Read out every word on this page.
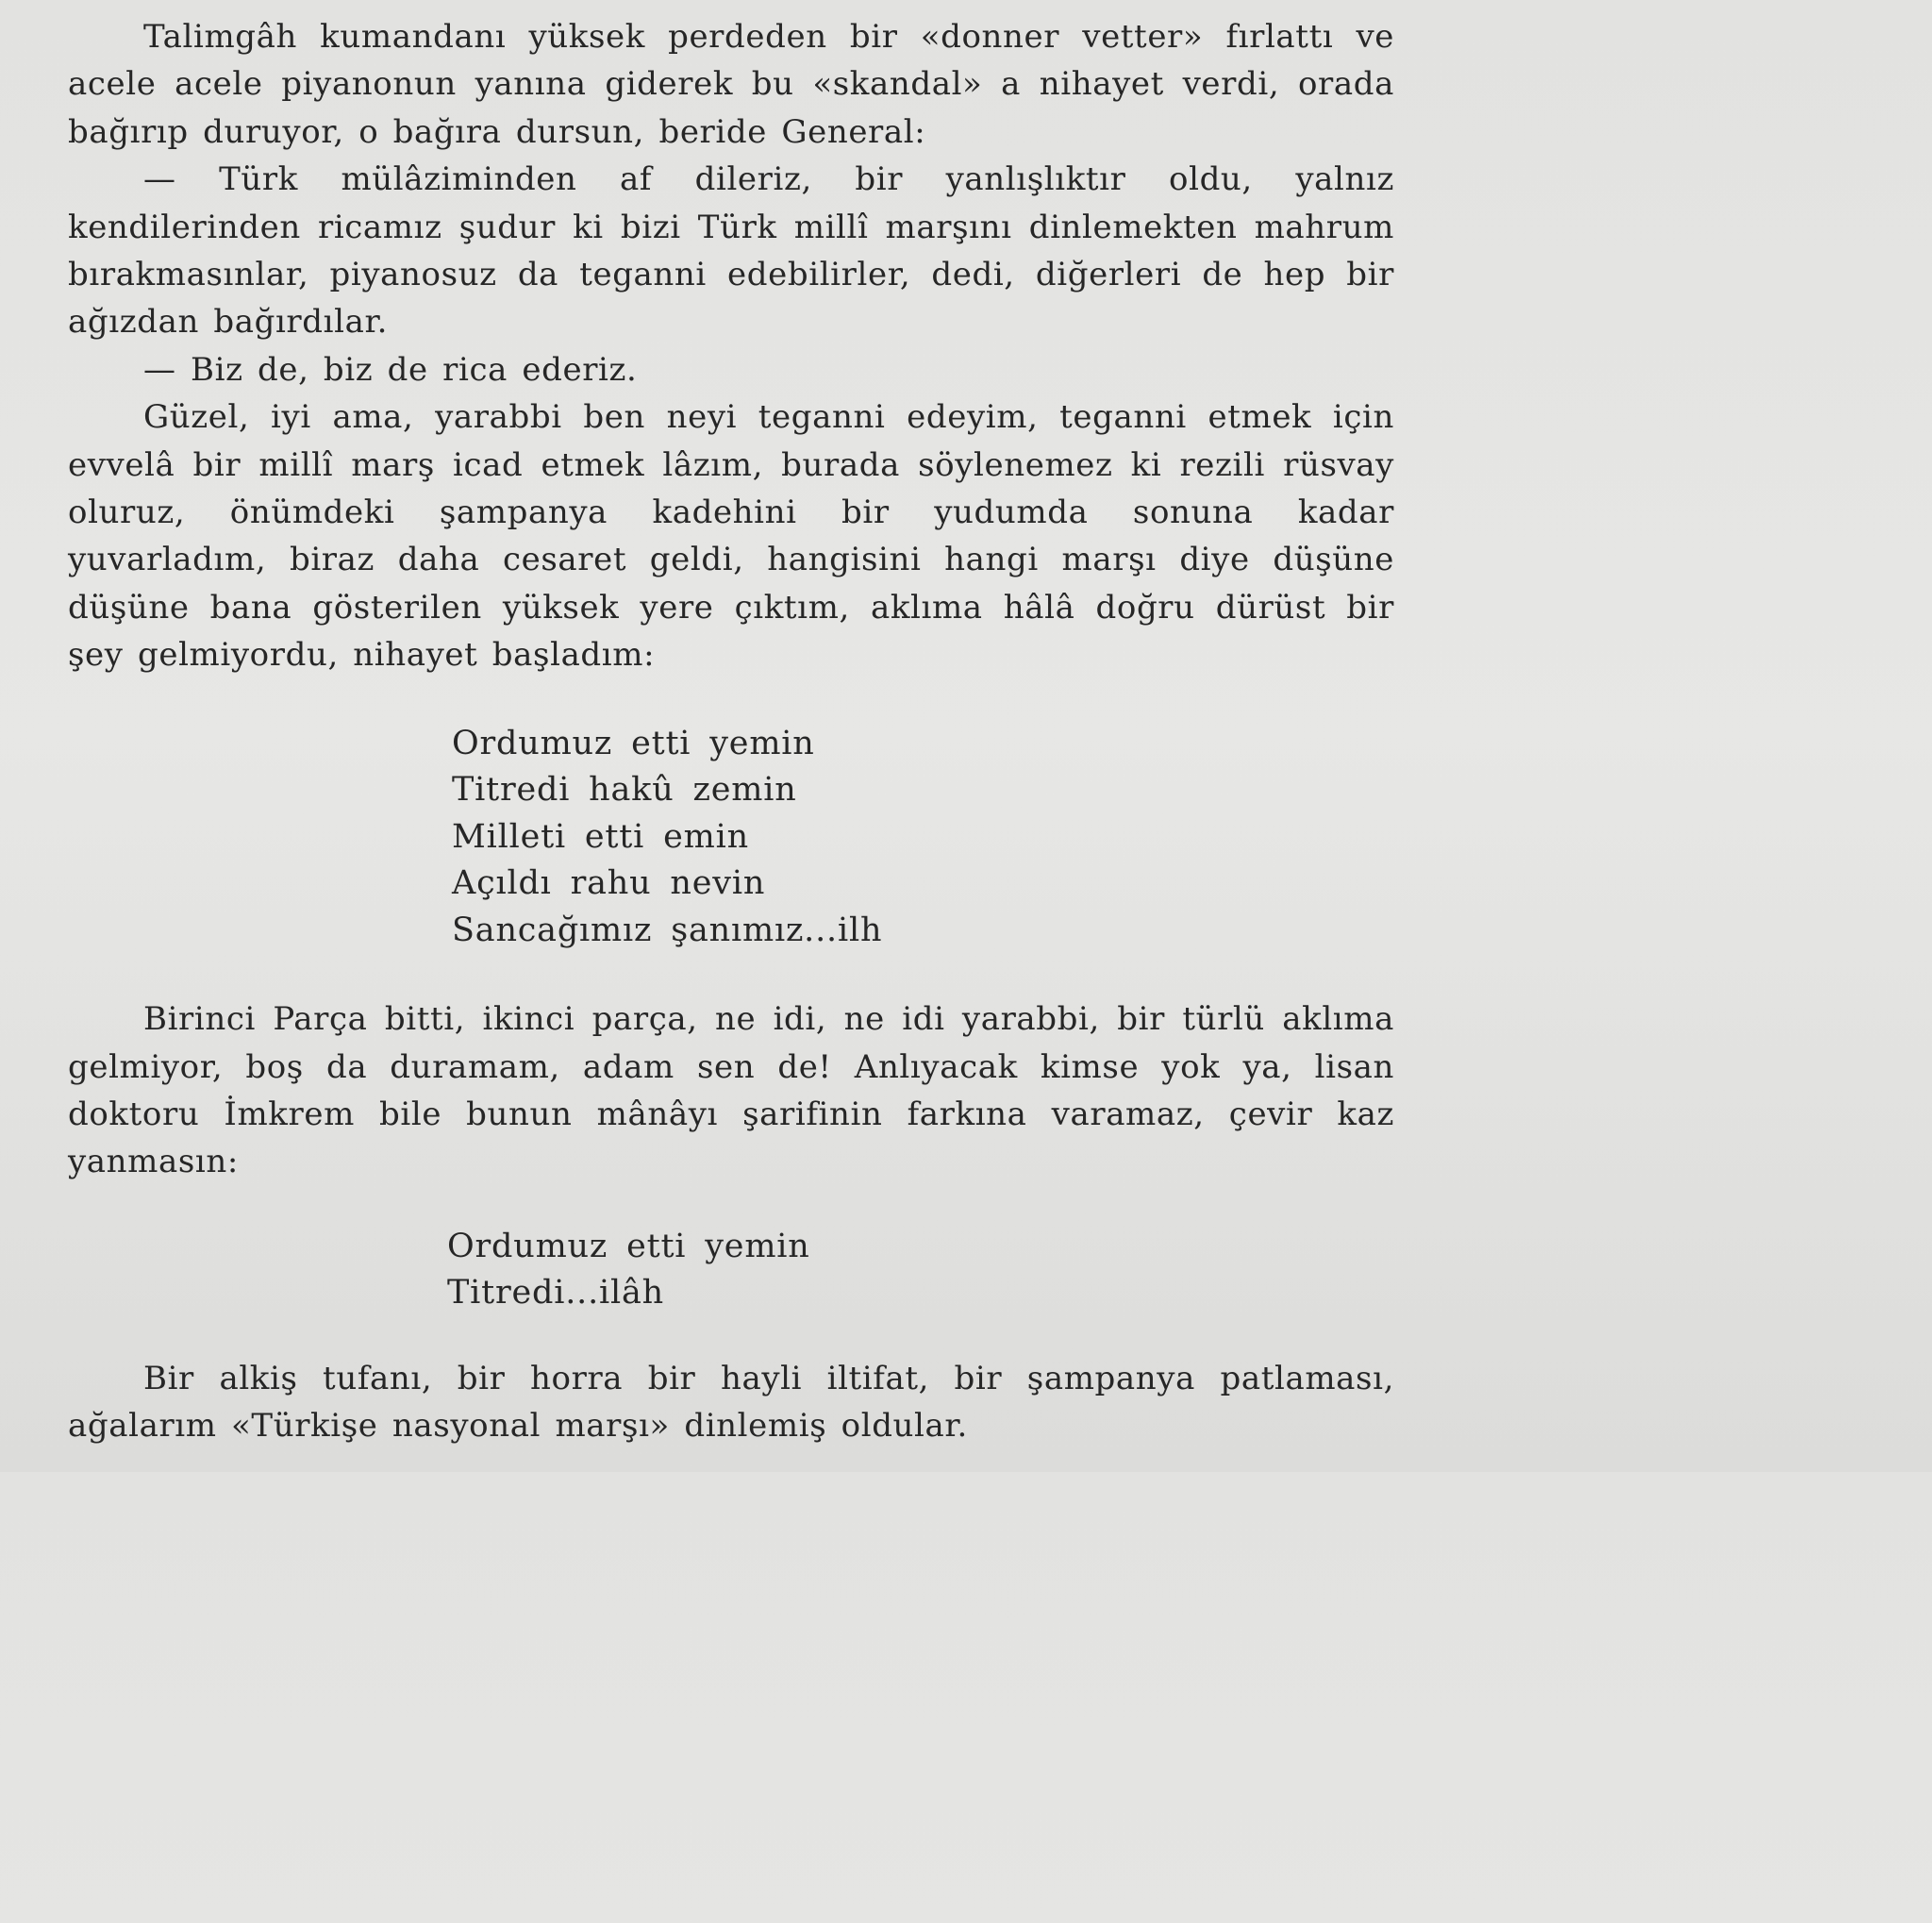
Talimgâh kumandanı yüksek perdeden bir «donner vetter» fırlattı ve acele acele piyanonun yanına giderek bu «skandal» a nihayet verdi, orada bağırıp duruyor, o bağıra dursun, beride General:

— Türk mülâziminden af dileriz, bir yanlışlıktır oldu, yalnız kendilerinden ricamız şudur ki bizi Türk millî marşını dinlemekten mahrum bırakmasınlar, piyanosuz da teganni edebilirler, dedi, diğerleri de hep bir ağızdan bağırdılar.

— Biz de, biz de rica ederiz.

Güzel, iyi ama, yarabbi ben neyi teganni edeyim, teganni etmek için evvelâ bir millî marş icad etmek lâzım, burada söylenemez ki rezili rüsvay oluruz, önümdeki şampanya kadehini bir yudumda sonuna kadar yuvarladım, biraz daha cesaret geldi, hangisini hangi marşı diye düşüne düşüne bana gösterilen yüksek yere çıktım, aklıma hâlâ doğru dürüst bir şey gelmiyordu, nihayet başladım:

Ordumuz etti yemin
Titredi hakû zemin
Milleti etti emin
Açıldı rahu nevin
Sancağımız şanımız...ilh

Birinci Parça bitti, ikinci parça, ne idi, ne idi yarabbi, bir türlü aklıma gelmiyor, boş da duramam, adam sen de! Anlıyacak kimse yok ya, lisan doktoru İmkrem bile bunun mânâyı şarifinin farkına varamaz, çevir kaz yanmasın:

Ordumuz etti yemin
Titredi...ilâh

Bir alkiş tufanı, bir horra bir hayli iltifat, bir şampanya patlaması, ağalarım «Türkişe nasyonal marşı» dinlemiş oldular.
